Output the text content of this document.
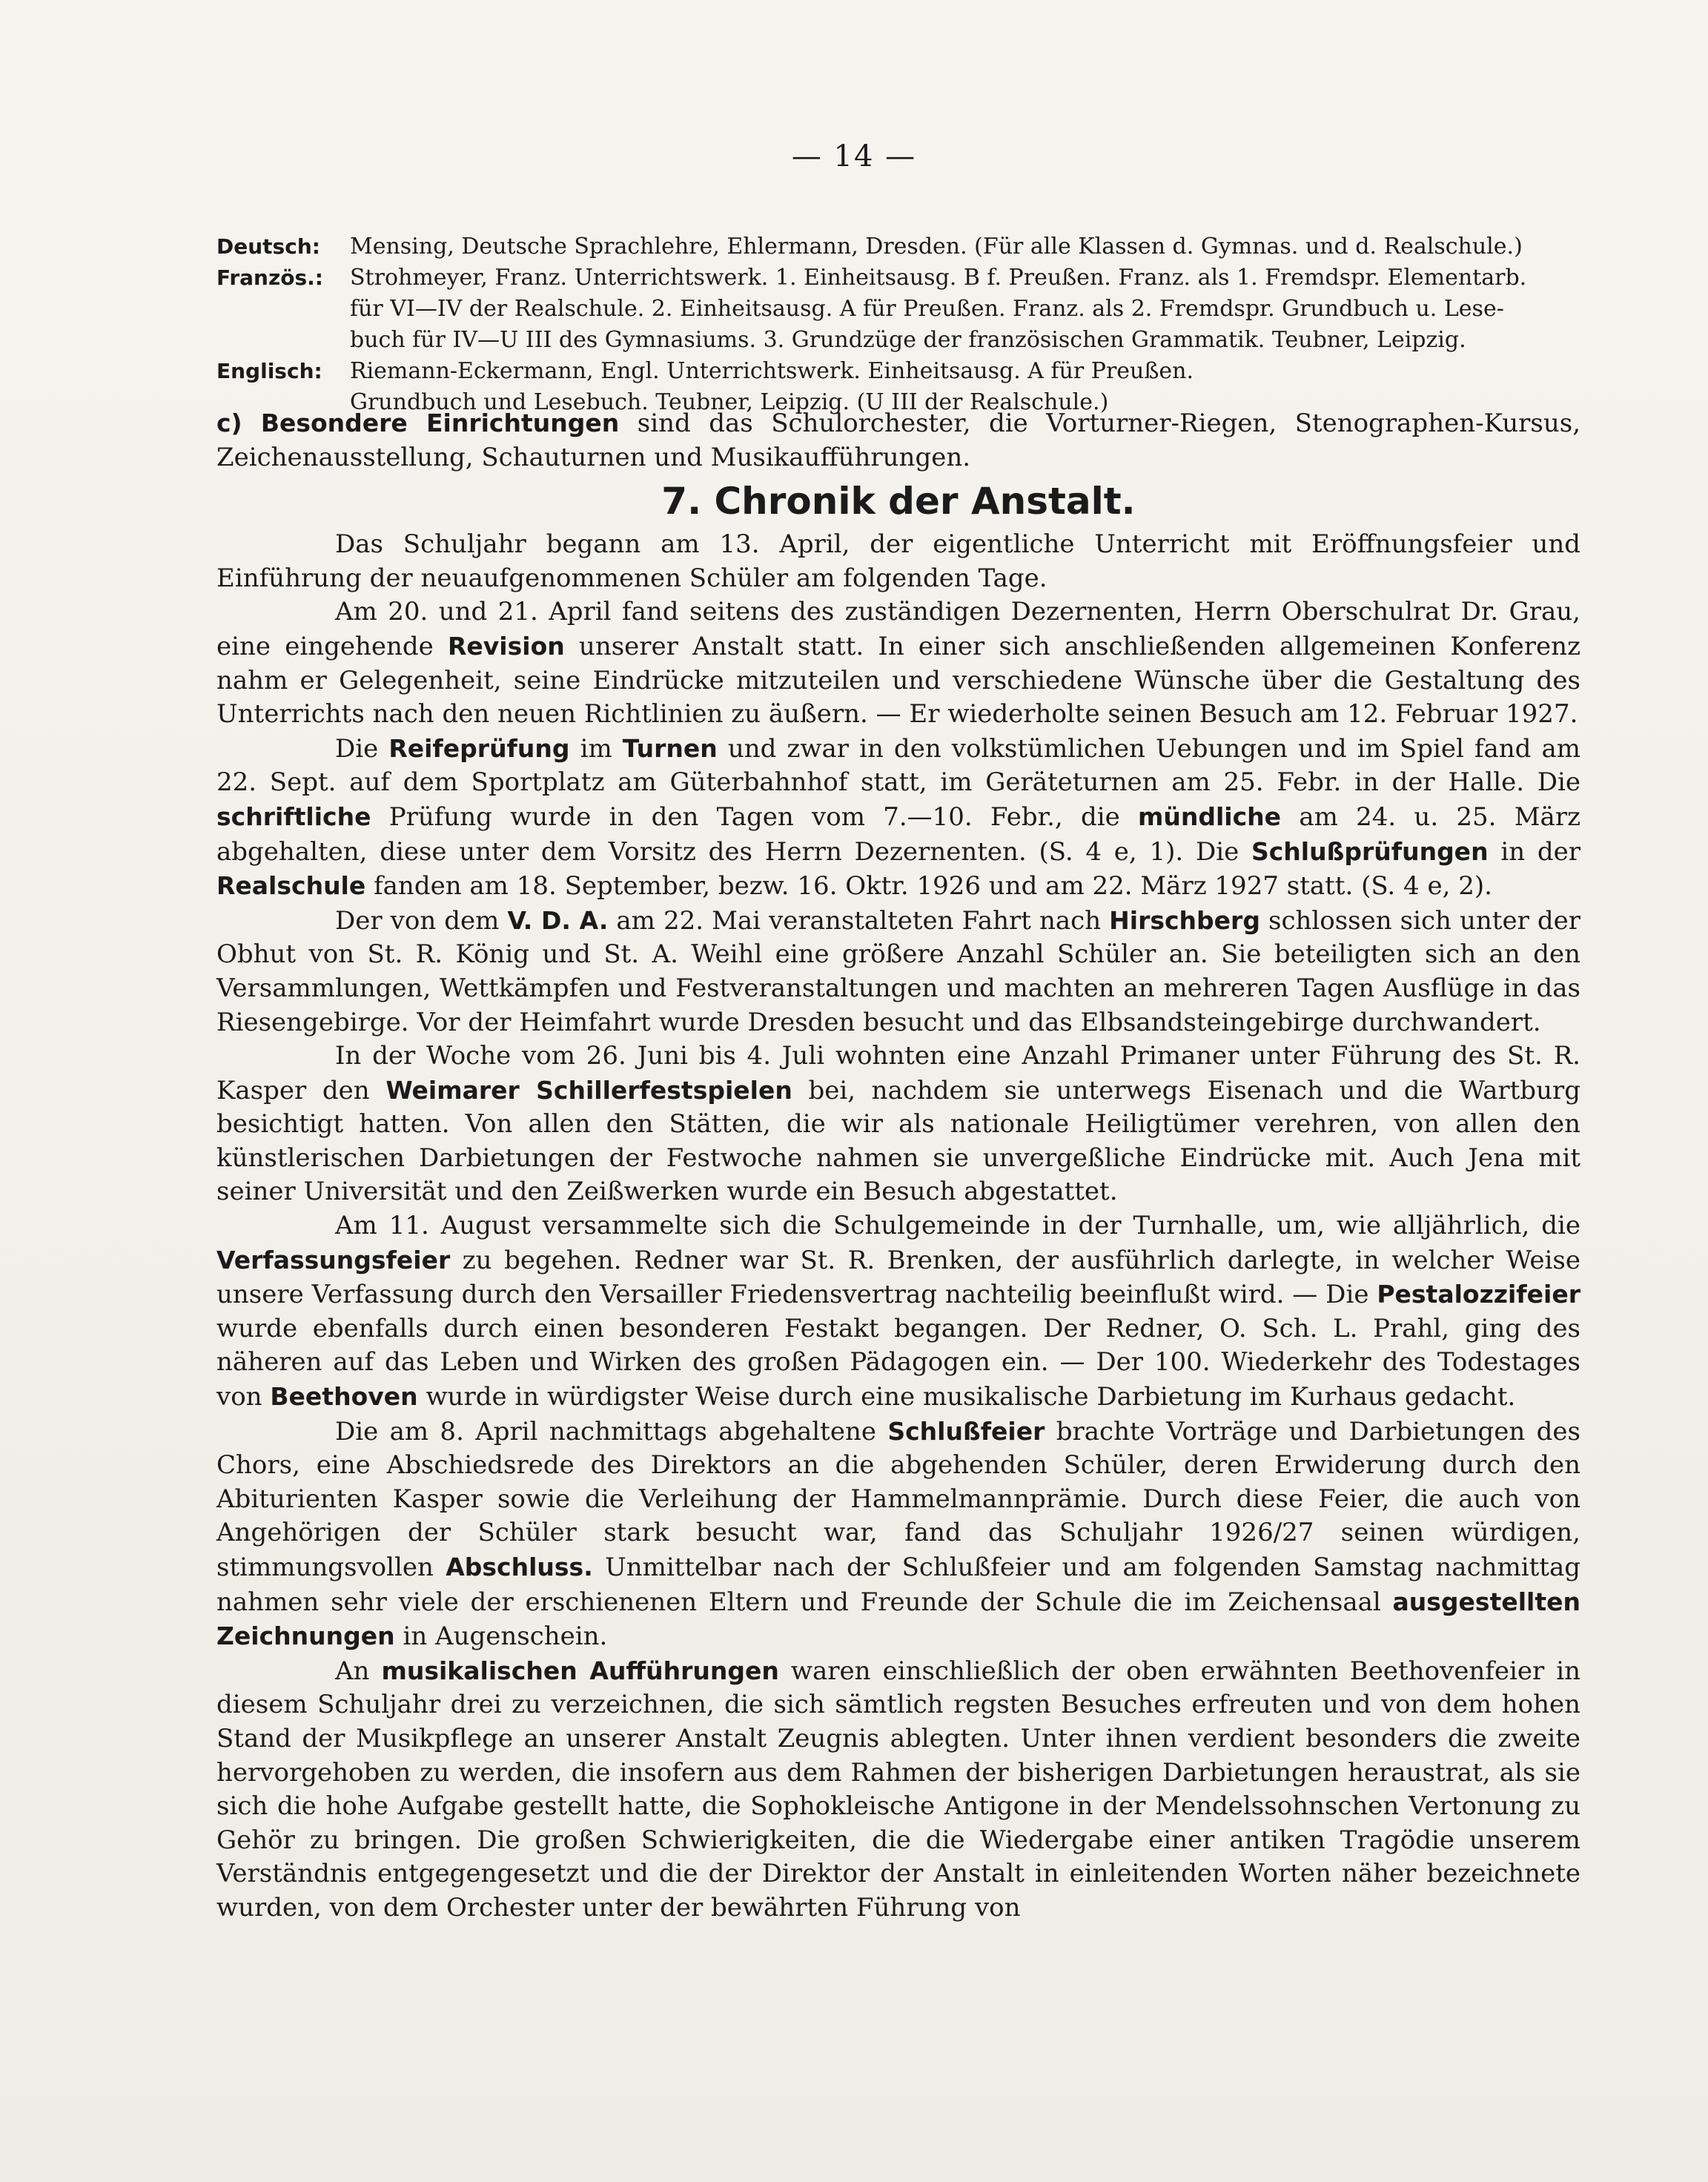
— 14 —
Deutsch:	Mensing, Deutsche Sprachlehre, Ehlermann, Dresden. (Für alle Klassen d. Gymnas. und d. Realschule.)
Französ.:	Strohmeyer, Franz. Unterrichtswerk. 1. Einheitsausg. B f. Preußen. Franz. als 1. Fremdspr. Elementarb.
für VI—IV der Realschule. 2. Einheitsausg. A für Preußen. Franz. als 2. Fremdspr. Grundbuch u. Lese-
buch für IV—U III des Gymnasiums. 3. Grundzüge der französischen Grammatik. Teubner, Leipzig.
Englisch:	Riemann-Eckermann, Engl. Unterrichtswerk. Einheitsausg. A für Preußen.
Grundbuch und Lesebuch. Teubner, Leipzig. (U III der Realschule.)

c) Besondere Einrichtungen sind das Schulorchester, die Vorturner-Riegen, Stenographen-Kursus, Zeichenausstellung, Schauturnen und Musikaufführungen.

7. Chronik der Anstalt.

Das Schuljahr begann am 13. April, der eigentliche Unterricht mit Eröffnungsfeier und Einführung der neuaufgenommenen Schüler am folgenden Tage.

Am 20. und 21. April fand seitens des zuständigen Dezernenten, Herrn Oberschulrat Dr. Grau, eine eingehende Revision unserer Anstalt statt. In einer sich anschließenden allgemeinen Konferenz nahm er Gelegenheit, seine Eindrücke mitzuteilen und verschiedene Wünsche über die Gestaltung des Unterrichts nach den neuen Richtlinien zu äußern. — Er wiederholte seinen Besuch am 12. Februar 1927.

Die Reifeprüfung im Turnen und zwar in den volkstümlichen Uebungen und im Spiel fand am 22. Sept. auf dem Sportplatz am Güterbahnhof statt, im Geräteturnen am 25. Febr. in der Halle. Die schriftliche Prüfung wurde in den Tagen vom 7.—10. Febr., die mündliche am 24. u. 25. März abgehalten, diese unter dem Vorsitz des Herrn Dezernenten. (S. 4 e, 1). Die Schlußprüfungen in der Realschule fanden am 18. September, bezw. 16. Oktr. 1926 und am 22. März 1927 statt. (S. 4 e, 2).

Der von dem V. D. A. am 22. Mai veranstalteten Fahrt nach Hirschberg schlossen sich unter der Obhut von St. R. König und St. A. Weihl eine größere Anzahl Schüler an. Sie beteiligten sich an den Versammlungen, Wettkämpfen und Festveranstaltungen und machten an mehreren Tagen Ausflüge in das Riesengebirge. Vor der Heimfahrt wurde Dresden besucht und das Elbsandsteingebirge durchwandert.

In der Woche vom 26. Juni bis 4. Juli wohnten eine Anzahl Primaner unter Führung des St. R. Kasper den Weimarer Schillerfestspielen bei, nachdem sie unterwegs Eisenach und die Wartburg besichtigt hatten. Von allen den Stätten, die wir als nationale Heiligtümer verehren, von allen den künstlerischen Darbietungen der Festwoche nahmen sie unvergeßliche Eindrücke mit. Auch Jena mit seiner Universität und den Zeißwerken wurde ein Besuch abgestattet.

Am 11. August versammelte sich die Schulgemeinde in der Turnhalle, um, wie alljährlich, die Verfassungsfeier zu begehen. Redner war St. R. Brenken, der ausführlich darlegte, in welcher Weise unsere Verfassung durch den Versailler Friedensvertrag nachteilig beeinflußt wird. — Die Pestalozzifeier wurde ebenfalls durch einen besonderen Festakt begangen. Der Redner, O. Sch. L. Prahl, ging des näheren auf das Leben und Wirken des großen Pädagogen ein. — Der 100. Wiederkehr des Todestages von Beethoven wurde in würdigster Weise durch eine musikalische Darbietung im Kurhaus gedacht.

Die am 8. April nachmittags abgehaltene Schlußfeier brachte Vorträge und Darbietungen des Chors, eine Abschiedsrede des Direktors an die abgehenden Schüler, deren Erwiderung durch den Abiturienten Kasper sowie die Verleihung der Hammelmannprämie. Durch diese Feier, die auch von Angehörigen der Schüler stark besucht war, fand das Schuljahr 1926/27 seinen würdigen, stimmungsvollen Abschluss. Unmittelbar nach der Schlußfeier und am folgenden Samstag nachmittag nahmen sehr viele der erschienenen Eltern und Freunde der Schule die im Zeichensaal ausgestellten Zeichnungen in Augenschein.

An musikalischen Aufführungen waren einschließlich der oben erwähnten Beethovenfeier in diesem Schuljahr drei zu verzeichnen, die sich sämtlich regsten Besuches erfreuten und von dem hohen Stand der Musikpflege an unserer Anstalt Zeugnis ablegten. Unter ihnen verdient besonders die zweite hervorgehoben zu werden, die insofern aus dem Rahmen der bisherigen Darbietungen heraustrat, als sie sich die hohe Aufgabe gestellt hatte, die Sophokleische Antigone in der Mendelssohnschen Vertonung zu Gehör zu bringen. Die großen Schwierigkeiten, die die Wiedergabe einer antiken Tragödie unserem Verständnis entgegengesetzt und die der Direktor der Anstalt in einleitenden Worten näher bezeichnete wurden, von dem Orchester unter der bewährten Führung von
